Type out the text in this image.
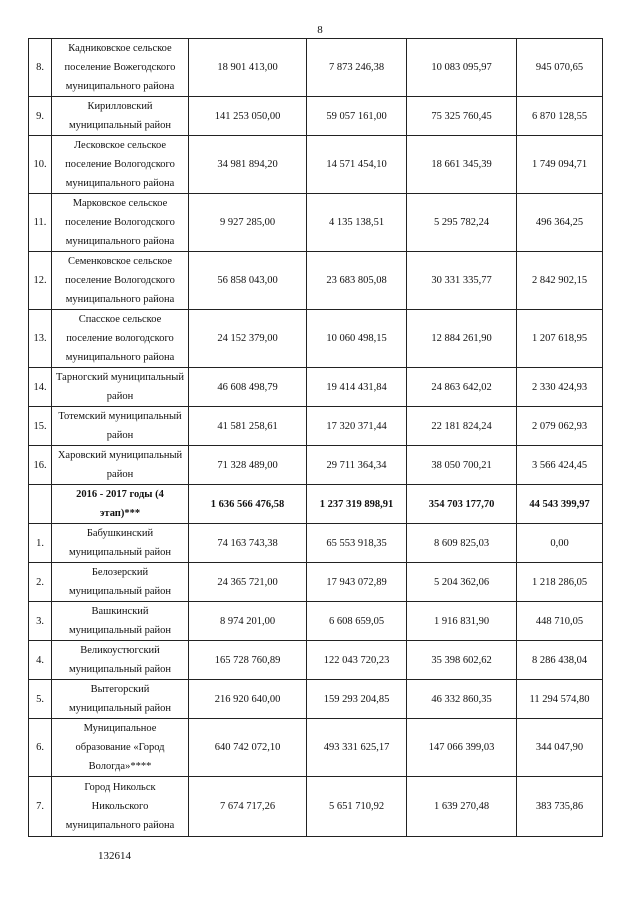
8
8.	Кадниковское сельское поселение Вожегодского муниципального района	18 901 413,00	7 873 246,38	10 083 095,97	945 070,65
9.	Кирилловский муниципальный район	141 253 050,00	59 057 161,00	75 325 760,45	6 870 128,55
10.	Лесковское сельское поселение Вологодского муниципального района	34 981 894,20	14 571 454,10	18 661 345,39	1 749 094,71
11.	Марковское сельское поселение Вологодского муниципального района	9 927 285,00	4 135 138,51	5 295 782,24	496 364,25
12.	Семенковское сельское поселение Вологодского муниципального района	56 858 043,00	23 683 805,08	30 331 335,77	2 842 902,15
13.	Спасское сельское поселение вологодского муниципального района	24 152 379,00	10 060 498,15	12 884 261,90	1 207 618,95
14.	Тарногский муниципальный район	46 608 498,79	19 414 431,84	24 863 642,02	2 330 424,93
15.	Тотемский муниципальный район	41 581 258,61	17 320 371,44	22 181 824,24	2 079 062,93
16.	Харовский муниципальный район	71 328 489,00	29 711 364,34	38 050 700,21	3 566 424,45
	2016 - 2017 годы (4 этап)***	1 636 566 476,58	1 237 319 898,91	354 703 177,70	44 543 399,97
1.	Бабушкинский муниципальный район	74 163 743,38	65 553 918,35	8 609 825,03	0,00
2.	Белозерский муниципальный район	24 365 721,00	17 943 072,89	5 204 362,06	1 218 286,05
3.	Вашкинский муниципальный район	8 974 201,00	6 608 659,05	1 916 831,90	448 710,05
4.	Великоустюгский муниципальный район	165 728 760,89	122 043 720,23	35 398 602,62	8 286 438,04
5.	Вытегорский муниципальный район	216 920 640,00	159 293 204,85	46 332 860,35	11 294 574,80
6.	Муниципальное образование «Город Вологда»****	640 742 072,10	493 331 625,17	147 066 399,03	344 047,90
7.	Город Никольск Никольского муниципального района	7 674 717,26	5 651 710,92	1 639 270,48	383 735,86
132614
